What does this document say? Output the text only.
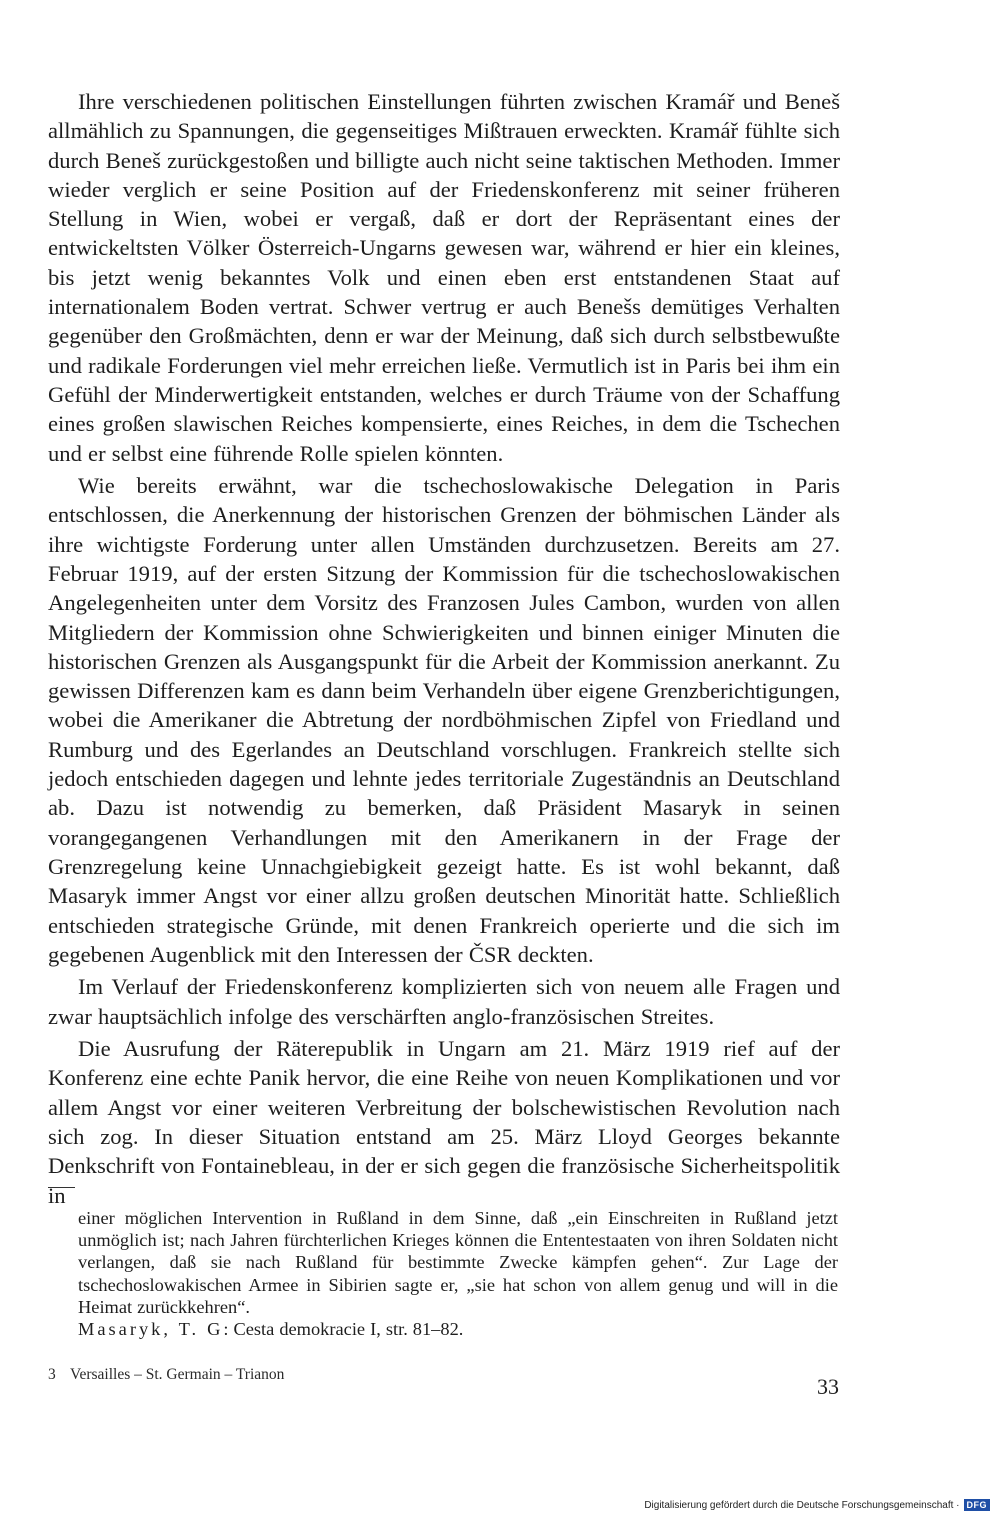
Ihre verschiedenen politischen Einstellungen führten zwischen Kramář und Beneš allmählich zu Spannungen, die gegenseitiges Mißtrauen erweckten. Kramář fühlte sich durch Beneš zurückgestoßen und billigte auch nicht seine taktischen Methoden. Immer wieder verglich er seine Position auf der Friedenskonferenz mit seiner früheren Stellung in Wien, wobei er vergaß, daß er dort der Repräsentant eines der entwickeltsten Völker Österreich-Ungarns gewesen war, während er hier ein kleines, bis jetzt wenig bekanntes Volk und einen eben erst entstandenen Staat auf internationalem Boden vertrat. Schwer vertrug er auch Benešs demütiges Verhalten gegenüber den Großmächten, denn er war der Meinung, daß sich durch selbstbewußte und radikale Forderungen viel mehr erreichen ließe. Vermutlich ist in Paris bei ihm ein Gefühl der Minderwertigkeit entstanden, welches er durch Träume von der Schaffung eines großen slawischen Reiches kompensierte, eines Reiches, in dem die Tschechen und er selbst eine führende Rolle spielen könnten.

Wie bereits erwähnt, war die tschechoslowakische Delegation in Paris entschlossen, die Anerkennung der historischen Grenzen der böhmischen Länder als ihre wichtigste Forderung unter allen Umständen durchzusetzen. Bereits am 27. Februar 1919, auf der ersten Sitzung der Kommission für die tschechoslowakischen Angelegenheiten unter dem Vorsitz des Franzosen Jules Cambon, wurden von allen Mitgliedern der Kommission ohne Schwierigkeiten und binnen einiger Minuten die historischen Grenzen als Ausgangspunkt für die Arbeit der Kommission anerkannt. Zu gewissen Differenzen kam es dann beim Verhandeln über eigene Grenzberichtigungen, wobei die Amerikaner die Abtretung der nordböhmischen Zipfel von Friedland und Rumburg und des Egerlandes an Deutschland vorschlugen. Frankreich stellte sich jedoch entschieden dagegen und lehnte jedes territoriale Zugeständnis an Deutschland ab. Dazu ist notwendig zu bemerken, daß Präsident Masaryk in seinen vorangegangenen Verhandlungen mit den Amerikanern in der Frage der Grenzregelung keine Unnachgiebigkeit gezeigt hatte. Es ist wohl bekannt, daß Masaryk immer Angst vor einer allzu großen deutschen Minorität hatte. Schließlich entschieden strategische Gründe, mit denen Frankreich operierte und die sich im gegebenen Augenblick mit den Interessen der ČSR deckten.

Im Verlauf der Friedenskonferenz komplizierten sich von neuem alle Fragen und zwar hauptsächlich infolge des verschärften anglo-französischen Streites.

Die Ausrufung der Räterepublik in Ungarn am 21. März 1919 rief auf der Konferenz eine echte Panik hervor, die eine Reihe von neuen Komplikationen und vor allem Angst vor einer weiteren Verbreitung der bolschewistischen Revolution nach sich zog. In dieser Situation entstand am 25. März Lloyd Georges bekannte Denkschrift von Fontainebleau, in der er sich gegen die französische Sicherheitspolitik in

einer möglichen Intervention in Rußland in dem Sinne, daß „ein Einschreiten in Rußland jetzt unmöglich ist; nach Jahren fürchterlichen Krieges können die Ententestaaten von ihren Soldaten nicht verlangen, daß sie nach Rußland für bestimmte Zwecke kämpfen gehen“. Zur Lage der tschechoslowakischen Armee in Sibirien sagte er, „sie hat schon von allem genug und will in die Heimat zurückkehren“.

Masaryk, T. G: Cesta demokracie I, str. 81–82.

3 Versailles – St. Germain – Trianon	33
Digitalisierung gefördert durch die Deutsche Forschungsgemeinschaft · DFG
